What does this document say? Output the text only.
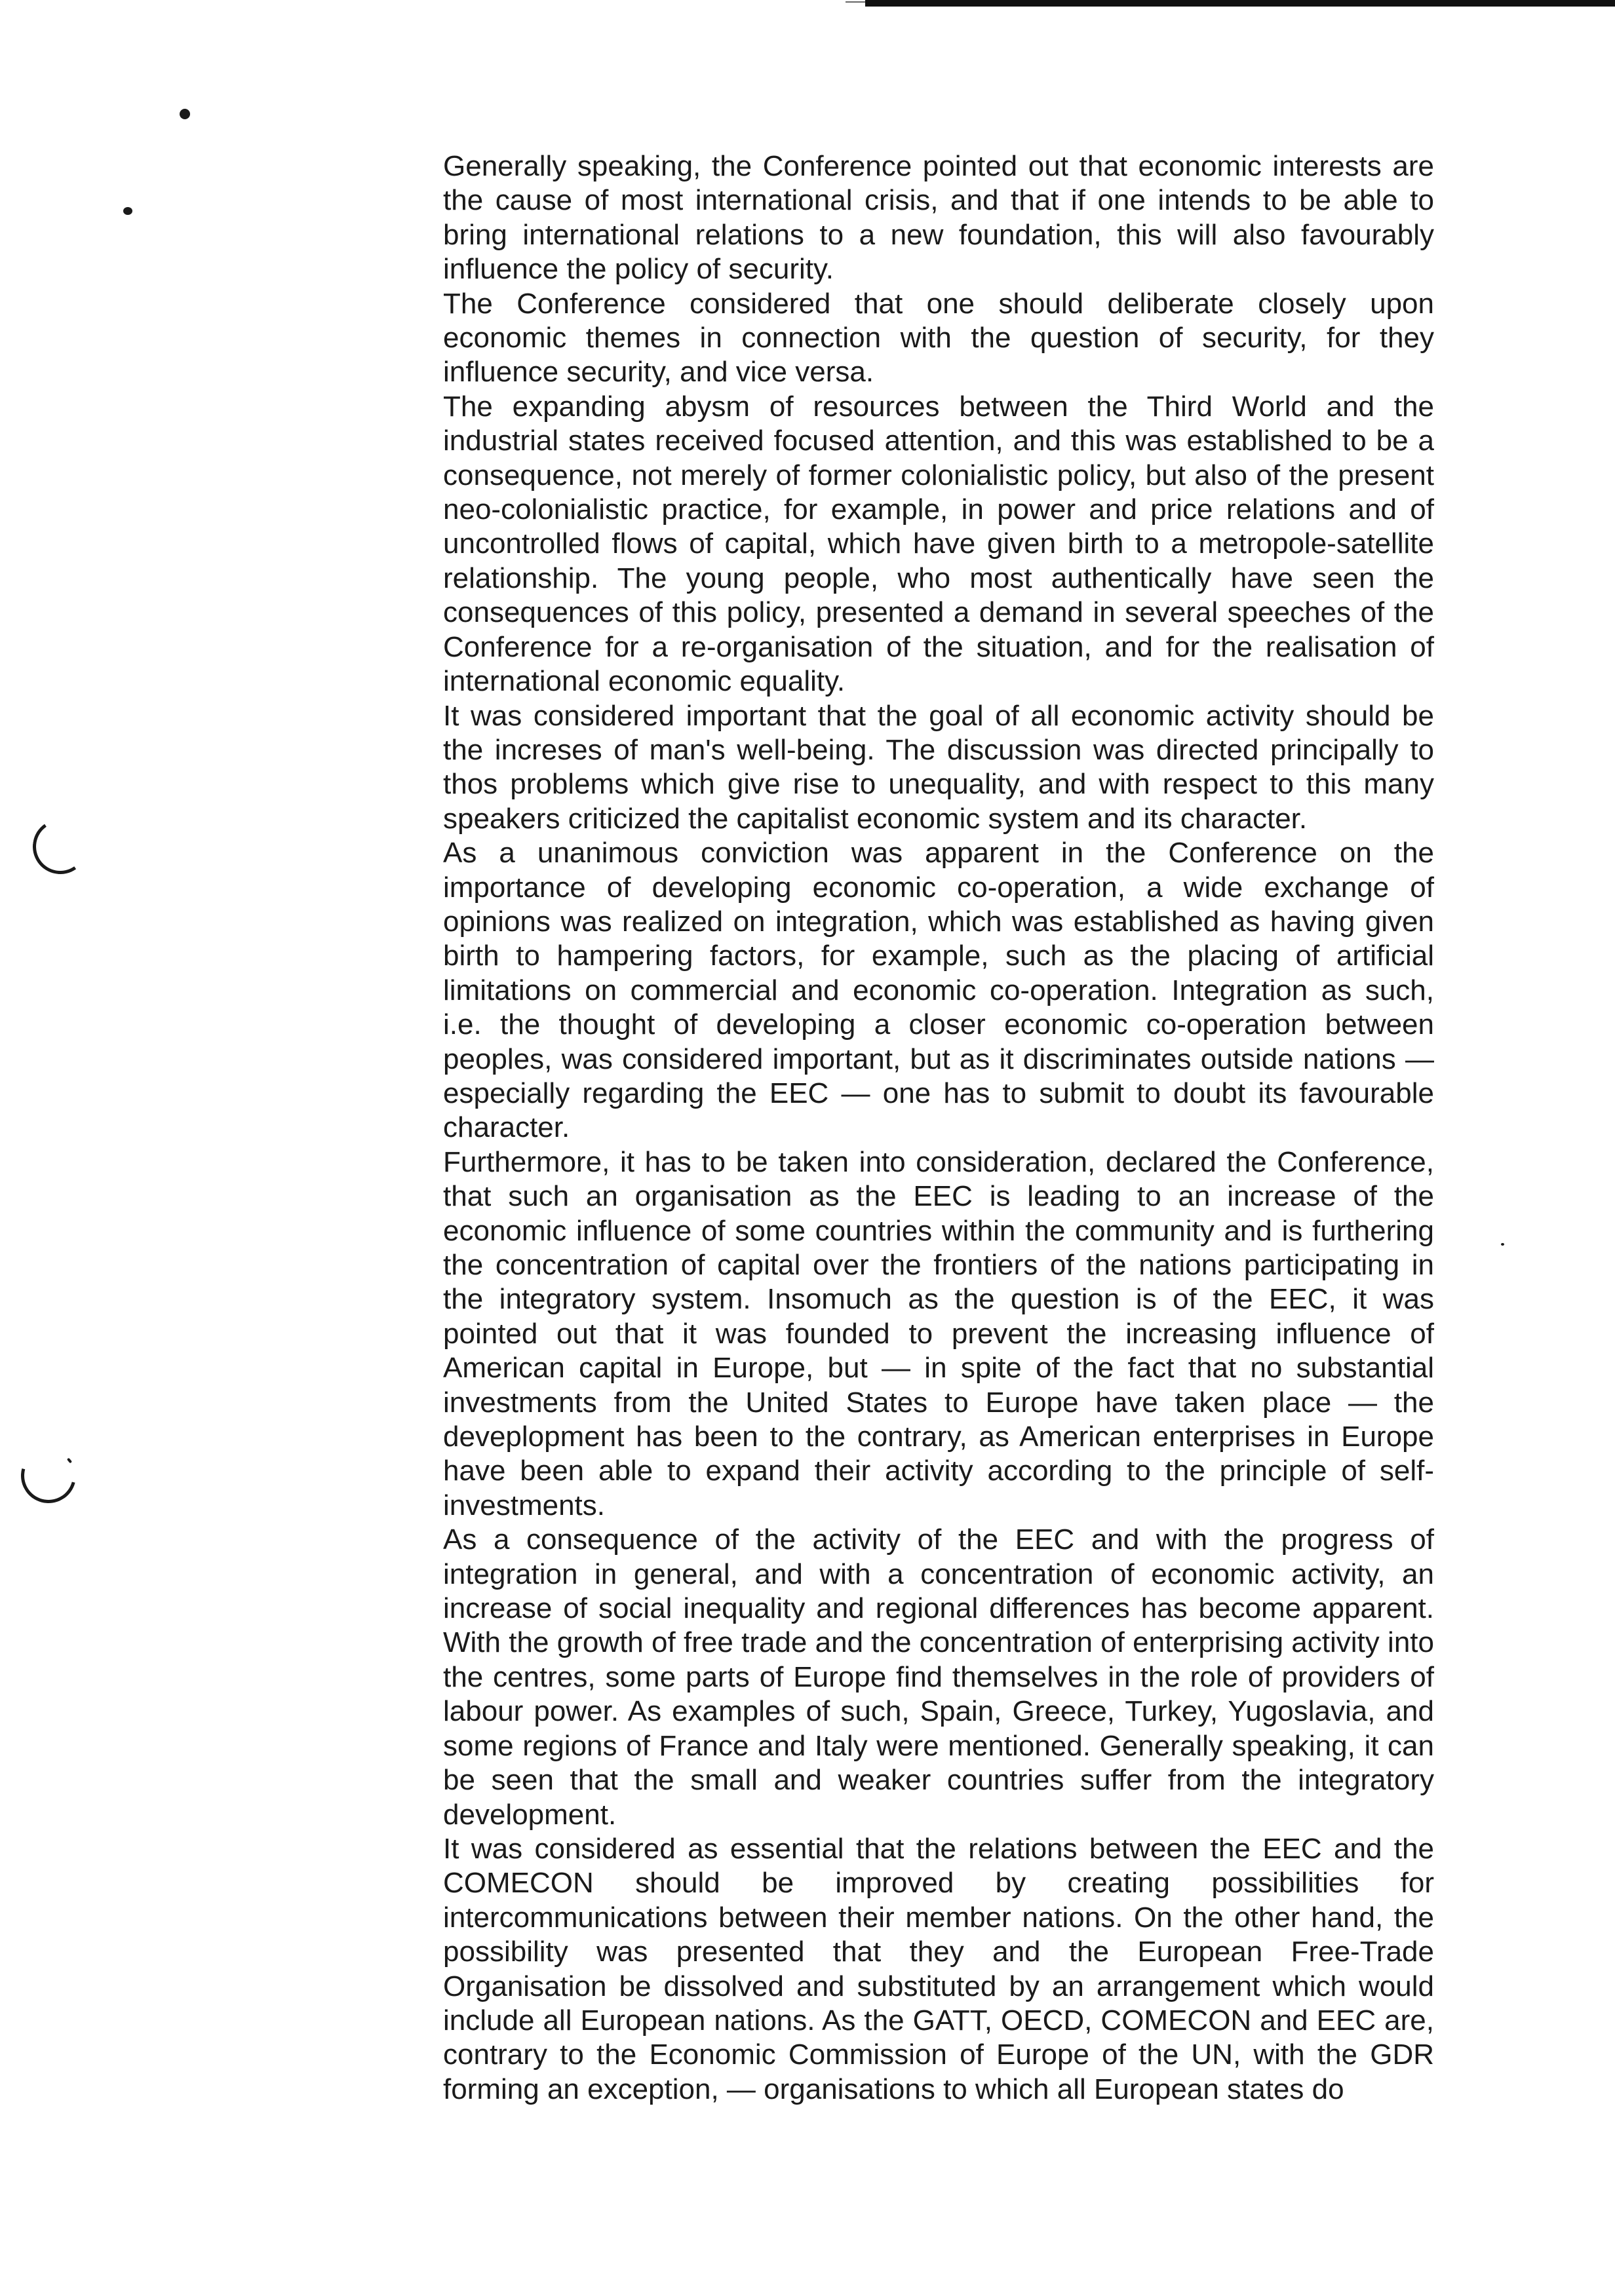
Generally speaking, the Conference pointed out that economic interests are the cause of most international crisis, and that if one intends to be able to bring international relations to a new foundation, this will also favourably influence the policy of security.

The Conference considered that one should deliberate closely upon economic themes in connection with the question of security, for they influence security, and vice versa.

The expanding abysm of resources between the Third World and the industrial states received focused attention, and this was established to be a consequence, not merely of former colonialistic policy, but also of the present neo-colonialistic practice, for example, in power and price relations and of uncontrolled flows of capital, which have given birth to a metropole-satellite relationship. The young people, who most authentically have seen the consequences of this policy, presented a demand in several speeches of the Conference for a re-organisation of the situation, and for the realisation of international economic equality.

It was considered important that the goal of all economic activity should be the increses of man's well-being. The discussion was directed principally to thos problems which give rise to unequality, and with respect to this many speakers criticized the capitalist economic system and its character.

As a unanimous conviction was apparent in the Conference on the importance of developing economic co-operation, a wide exchange of opinions was realized on integration, which was established as having given birth to hampering factors, for example, such as the placing of artificial limitations on commercial and economic co-operation. Integration as such, i.e. the thought of developing a closer economic co-operation between peoples, was considered important, but as it discriminates outside nations — especially regarding the EEC — one has to submit to doubt its favourable character.

Furthermore, it has to be taken into consideration, declared the Conference, that such an organisation as the EEC is leading to an increase of the economic influence of some countries within the community and is furthering the concentration of capital over the frontiers of the nations participating in the integratory system. Insomuch as the question is of the EEC, it was pointed out that it was founded to prevent the increasing influence of American capital in Europe, but — in spite of the fact that no substantial investments from the United States to Europe have taken place — the deveplopment has been to the contrary, as American enterprises in Europe have been able to expand their activity according to the principle of self-investments.

As a consequence of the activity of the EEC and with the progress of integration in general, and with a concentration of economic activity, an increase of social inequality and regional differences has become apparent. With the growth of free trade and the concentration of enterprising activity into the centres, some parts of Europe find themselves in the role of providers of labour power. As examples of such, Spain, Greece, Turkey, Yugoslavia, and some regions of France and Italy were mentioned. Generally speaking, it can be seen that the small and weaker countries suffer from the integratory development.

It was considered as essential that the relations between the EEC and the COMECON should be improved by creating possibilities for intercommunications between their member nations. On the other hand, the possibility was presented that they and the European Free-Trade Organisation be dissolved and substituted by an arrangement which would include all European nations. As the GATT, OECD, COMECON and EEC are, contrary to the Economic Commission of Europe of the UN, with the GDR forming an exception, — organisations to which all European states do
